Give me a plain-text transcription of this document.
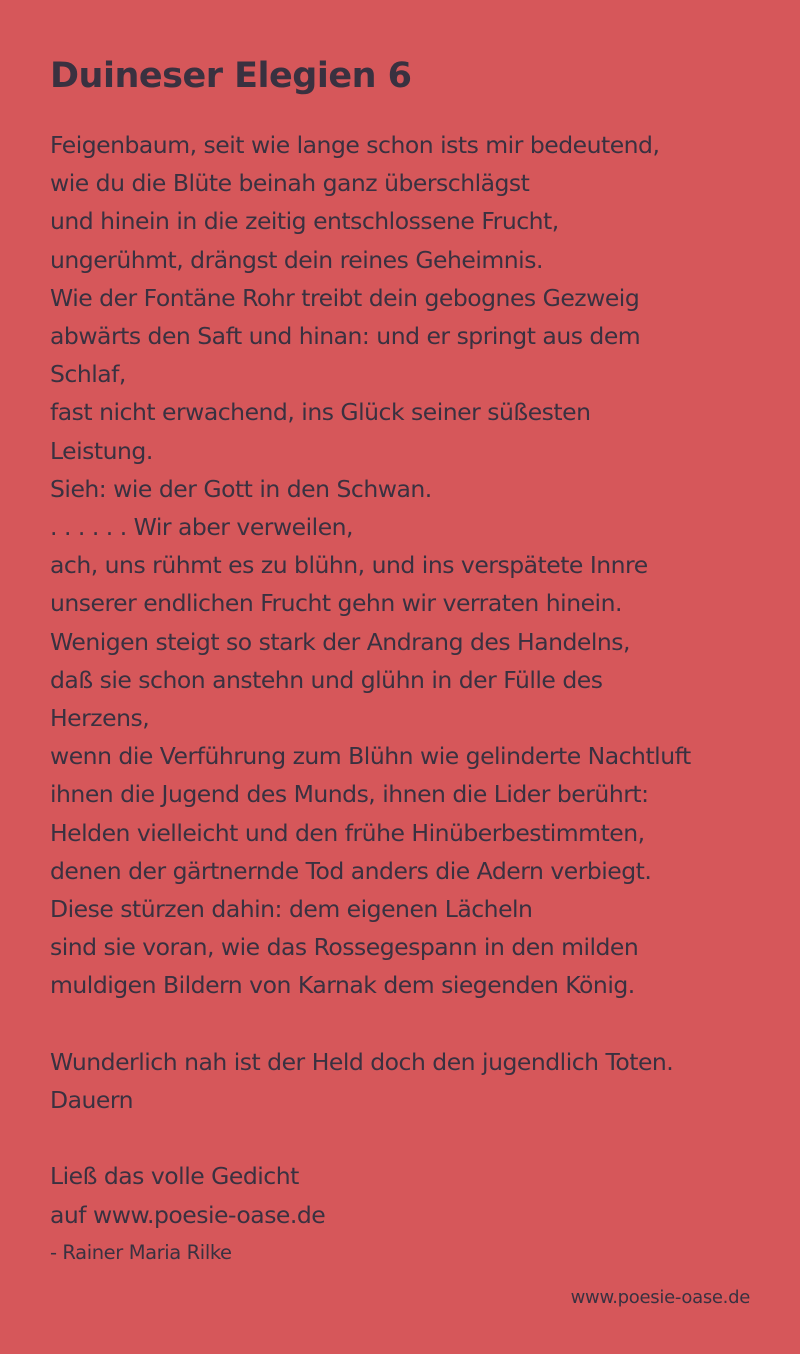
Duineser Elegien 6
Feigenbaum, seit wie lange schon ists mir bedeutend,
wie du die Blüte beinah ganz überschlägst
und hinein in die zeitig entschlossene Frucht,
ungerühmt, drängst dein reines Geheimnis.
Wie der Fontäne Rohr treibt dein gebognes Gezweig
abwärts den Saft und hinan: und er springt aus dem Schlaf,
fast nicht erwachend, ins Glück seiner süßesten Leistung.
Sieh: wie der Gott in den Schwan.
. . . . . . Wir aber verweilen,
ach, uns rühmt es zu blühn, und ins verspätete Innre
unserer endlichen Frucht gehn wir verraten hinein.
Wenigen steigt so stark der Andrang des Handelns,
daß sie schon anstehn und glühn in der Fülle des Herzens,
wenn die Verführung zum Blühn wie gelinderte Nachtluft
ihnen die Jugend des Munds, ihnen die Lider berührt:
Helden vielleicht und den frühe Hinüberbestimmten,
denen der gärtnernde Tod anders die Adern verbiegt.
Diese stürzen dahin: dem eigenen Lächeln
sind sie voran, wie das Rossegespann in den milden
muldigen Bildern von Karnak dem siegenden König.
Wunderlich nah ist der Held doch den jugendlich Toten. Dauern
Ließ das volle Gedicht
auf www.poesie-oase.de
- Rainer Maria Rilke
www.poesie-oase.de
